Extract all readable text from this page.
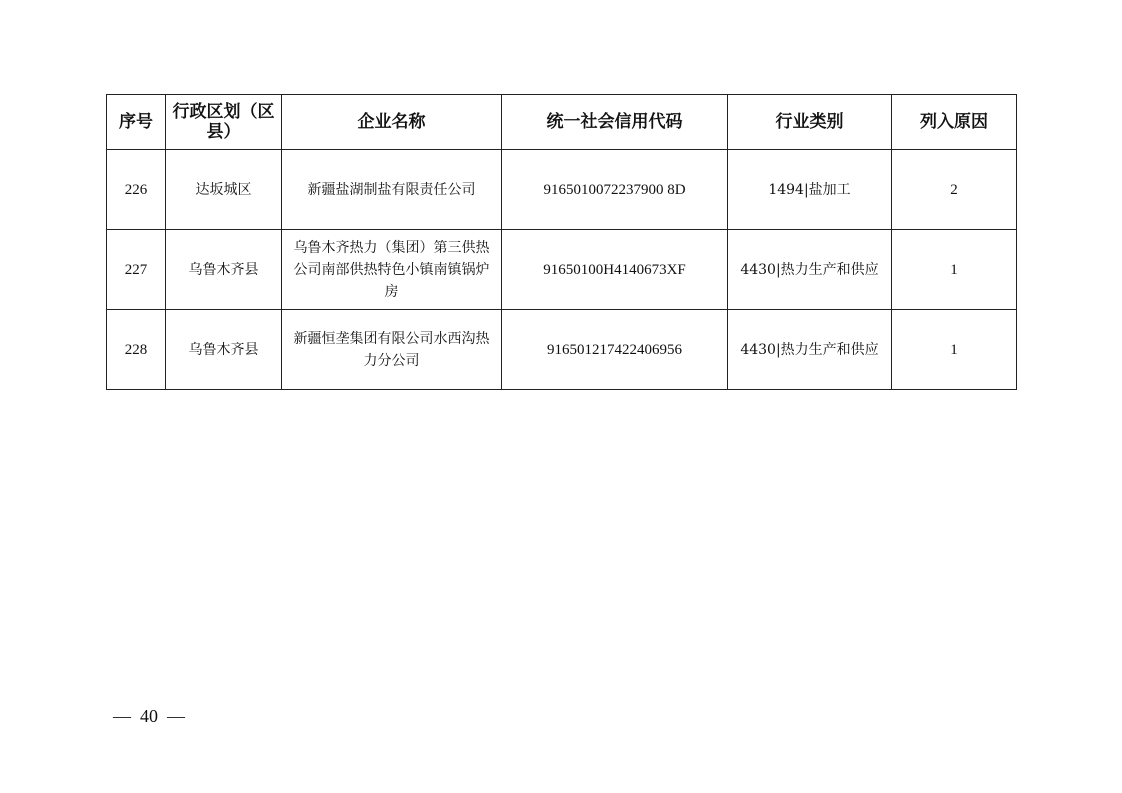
序号	行政区划（区县）	企业名称	统一社会信用代码	行业类别	列入原因
226	达坂城区	新疆盐湖制盐有限责任公司	9165010072237900 8D	1494|盐加工	2
227	乌鲁木齐县	乌鲁木齐热力（集团）第三供热公司南部供热特色小镇南镇锅炉房	91650100H4140673XF	4430|热力生产和供应	1
228	乌鲁木齐县	新疆恒垄集团有限公司水西沟热力分公司	916501217422406956	4430|热力生产和供应	1
—  40  —
